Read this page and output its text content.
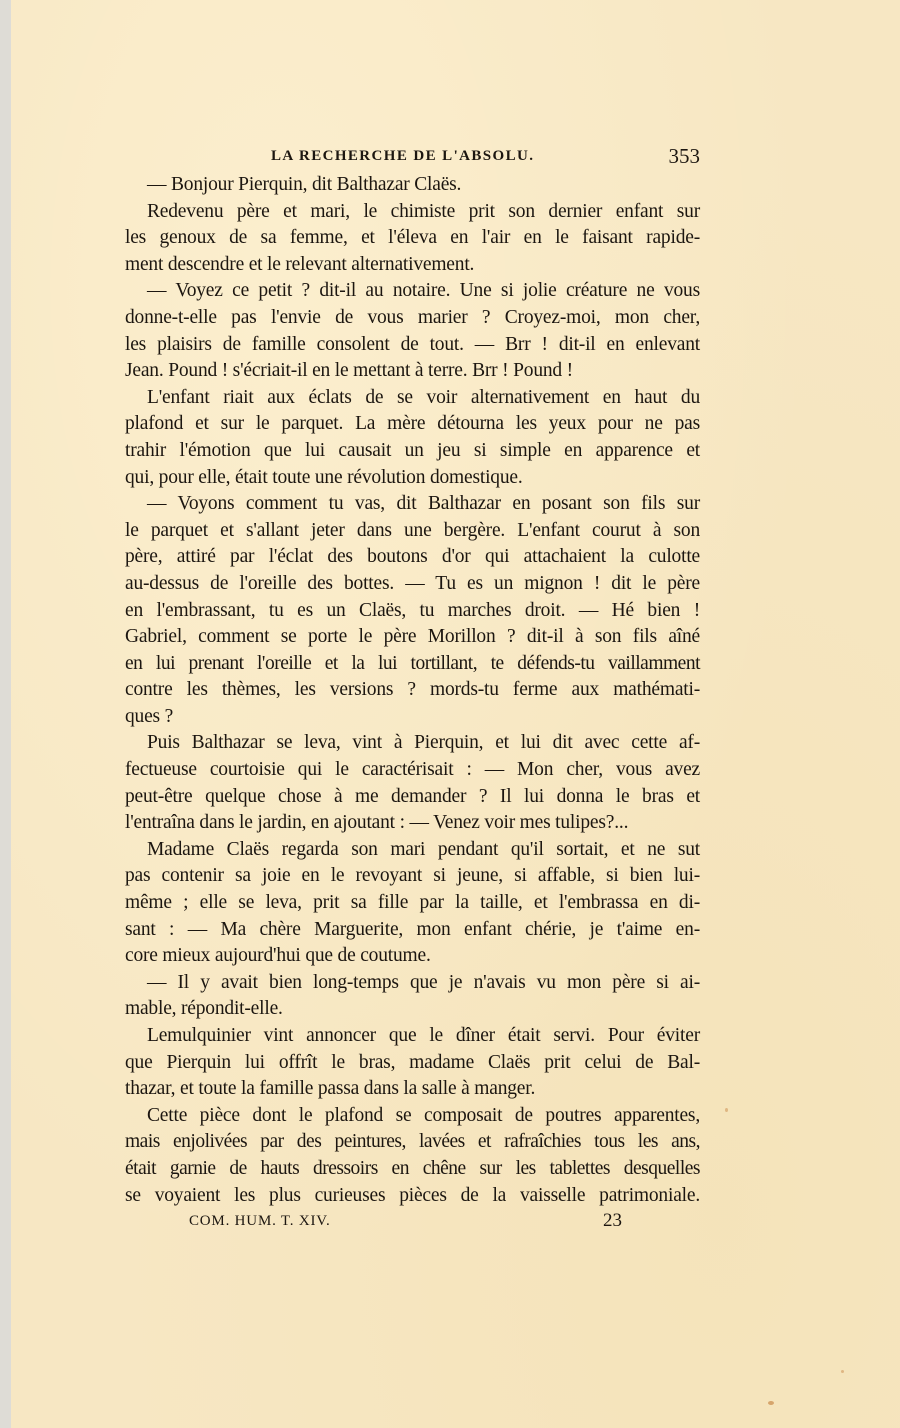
LA RECHERCHE DE L'ABSOLU.	353
— Bonjour Pierquin, dit Balthazar Claës.
Redevenu père et mari, le chimiste prit son dernier enfant sur
les genoux de sa femme, et l'éleva en l'air en le faisant rapide-
ment descendre et le relevant alternativement.
— Voyez ce petit ? dit-il au notaire. Une si jolie créature ne vous
donne-t-elle pas l'envie de vous marier ? Croyez-moi, mon cher,
les plaisirs de famille consolent de tout. — Brr ! dit-il en enlevant
Jean. Pound ! s'écriait-il en le mettant à terre. Brr ! Pound !
L'enfant riait aux éclats de se voir alternativement en haut du
plafond et sur le parquet. La mère détourna les yeux pour ne pas
trahir l'émotion que lui causait un jeu si simple en apparence et
qui, pour elle, était toute une révolution domestique.
— Voyons comment tu vas, dit Balthazar en posant son fils sur
le parquet et s'allant jeter dans une bergère. L'enfant courut à son
père, attiré par l'éclat des boutons d'or qui attachaient la culotte
au-dessus de l'oreille des bottes. — Tu es un mignon ! dit le père
en l'embrassant, tu es un Claës, tu marches droit. — Hé bien !
Gabriel, comment se porte le père Morillon ? dit-il à son fils aîné
en lui prenant l'oreille et la lui tortillant, te défends-tu vaillamment
contre les thèmes, les versions ? mords-tu ferme aux mathémati-
ques ?
Puis Balthazar se leva, vint à Pierquin, et lui dit avec cette af-
fectueuse courtoisie qui le caractérisait : — Mon cher, vous avez
peut-être quelque chose à me demander ? Il lui donna le bras et
l'entraîna dans le jardin, en ajoutant : — Venez voir mes tulipes?...
Madame Claës regarda son mari pendant qu'il sortait, et ne sut
pas contenir sa joie en le revoyant si jeune, si affable, si bien lui-
même ; elle se leva, prit sa fille par la taille, et l'embrassa en di-
sant : — Ma chère Marguerite, mon enfant chérie, je t'aime en-
core mieux aujourd'hui que de coutume.
— Il y avait bien long-temps que je n'avais vu mon père si ai-
mable, répondit-elle.
Lemulquinier vint annoncer que le dîner était servi. Pour éviter
que Pierquin lui offrît le bras, madame Claës prit celui de Bal-
thazar, et toute la famille passa dans la salle à manger.
Cette pièce dont le plafond se composait de poutres apparentes,
mais enjolivées par des peintures, lavées et rafraîchies tous les ans,
était garnie de hauts dressoirs en chêne sur les tablettes desquelles
se voyaient les plus curieuses pièces de la vaisselle patrimoniale.
COM. HUM. T. XIV.	23
